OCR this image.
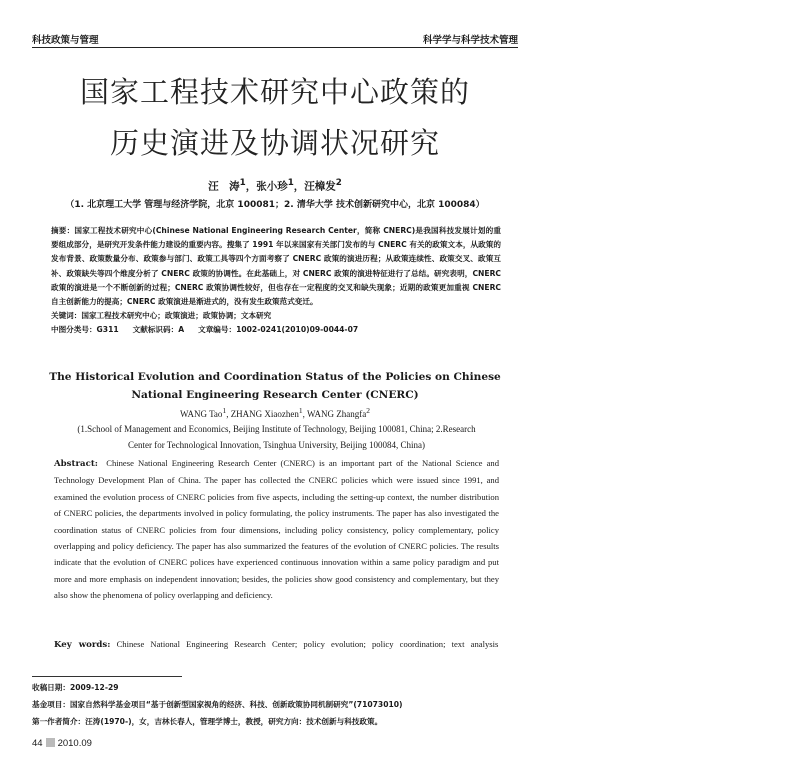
科技政策与管理	科学学与科学技术管理
国家工程技术研究中心政策的
历史演进及协调状况研究
汪　涛$^1$，张小珍$^1$，汪樟发$^2$
（1. 北京理工大学 管理与经济学院，北京 100081；2. 清华大学 技术创新研究中心，北京 100084）

摘要：国家工程技术研究中心(Chinese National Engineering Research Center，简称 CNERC)是我国科技发展计划的重要组成部分，是研究开发条件能力建设的重要内容。搜集了 1991 年以来国家有关部门发布的与 CNERC 有关的政策文本，从政策的发布背景、政策数量分布、政策参与部门、政策工具等四个方面考察了 CNERC 政策的演进历程；从政策连续性、政策交叉、政策互补、政策缺失等四个维度分析了 CNERC 政策的协调性。在此基础上，对 CNERC 政策的演进特征进行了总结。研究表明，CNERC 政策的演进是一个不断创新的过程；CNERC 政策协调性较好，但也存在一定程度的交叉和缺失现象；近期的政策更加重视 CNERC 自主创新能力的提高；CNERC 政策演进是渐进式的，没有发生政策范式变迁。

关键词：国家工程技术研究中心；政策演进；政策协调；文本研究

中图分类号：G311 文献标识码：A 文章编号：1002-0241(2010)09-0044-07

The Historical Evolution and Coordination Status of the Policies on Chinese
National Engineering Research Center (CNERC)
WANG Tao$^1$, ZHANG Xiaozhen$^1$, WANG Zhangfa$^2$
(1.School of Management and Economics, Beijing Institute of Technology, Beijing 100081, China; 2.Research
Center for Technological Innovation, Tsinghua University, Beijing 100084, China)
Abstract: Chinese National Engineering Research Center (CNERC) is an important part of the National Science and Technology Development Plan of China. The paper has collected the CNERC policies which were issued since 1991, and examined the evolution process of CNERC policies from five aspects, including the setting-up context, the number distribution of CNERC policies, the departments involved in policy formulating, the policy instruments. The paper has also investigated the coordination status of CNERC policies from four dimensions, including policy consistency, policy complementary, policy overlapping and policy deficiency. The paper has also summarized the features of the evolution of CNERC policies. The results indicate that the evolution of CNERC polices have experienced continuous innovation within a same policy paradigm and put more and more emphasis on independent innovation; besides, the policies show good consistency and complementary, but they also show the phenomena of policy overlapping and deficiency.
Key words: Chinese National Engineering Research Center; policy evolution; policy coordination; text analysis
收稿日期：2009-12-29
基金项目：国家自然科学基金项目“基于创新型国家视角的经济、科技、创新政策协同机制研究”(71073010)
第一作者简介：汪涛(1970-)，女，吉林长春人，管理学博士，教授，研究方向：技术创新与科技政策。
44 2010.09
